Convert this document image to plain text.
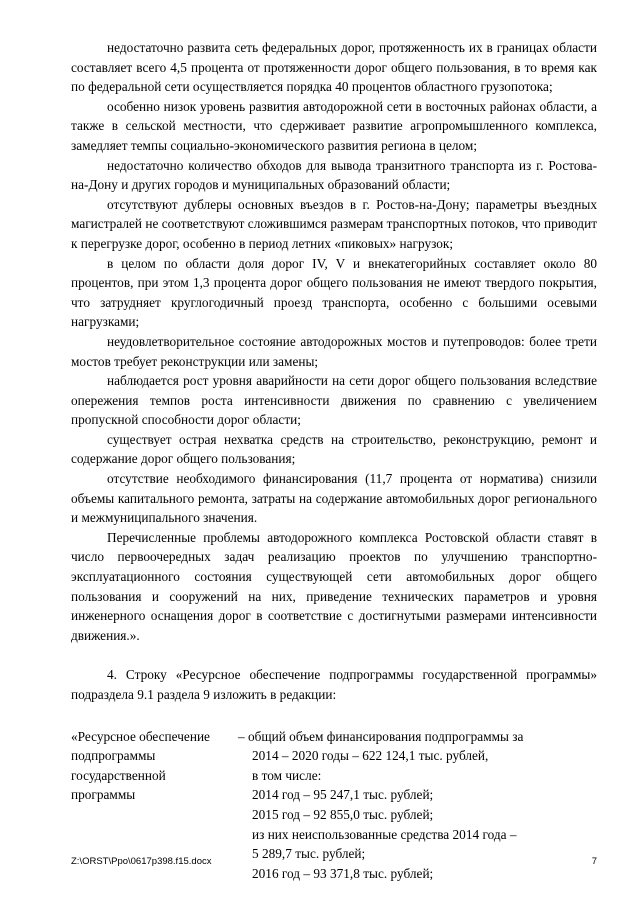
недостаточно развита сеть федеральных дорог, протяженность их в границах области составляет всего 4,5 процента от протяженности дорог общего пользования, в то время как по федеральной сети осуществляется порядка 40 процентов областного грузопотока;

особенно низок уровень развития автодорожной сети в восточных районах области, а также в сельской местности, что сдерживает развитие агропромышленного комплекса, замедляет темпы социально-экономического развития региона в целом;

недостаточно количество обходов для вывода транзитного транспорта из г. Ростова-на-Дону и других городов и муниципальных образований области;

отсутствуют дублеры основных въездов в г. Ростов-на-Дону; параметры въездных магистралей не соответствуют сложившимся размерам транспортных потоков, что приводит к перегрузке дорог, особенно в период летних «пиковых» нагрузок;

в целом по области доля дорог IV, V и внекатегорийных составляет около 80 процентов, при этом 1,3 процента дорог общего пользования не имеют твердого покрытия, что затрудняет круглогодичный проезд транспорта, особенно с большими осевыми нагрузками;

неудовлетворительное состояние автодорожных мостов и путепроводов: более трети мостов требует реконструкции или замены;

наблюдается рост уровня аварийности на сети дорог общего пользования вследствие опережения темпов роста интенсивности движения по сравнению с увеличением пропускной способности дорог области;

существует острая нехватка средств на строительство, реконструкцию, ремонт и содержание дорог общего пользования;

отсутствие необходимого финансирования (11,7 процента от норматива) снизили объемы капитального ремонта, затраты на содержание автомобильных дорог регионального и межмуниципального значения.

Перечисленные проблемы автодорожного комплекса Ростовской области ставят в число первоочередных задач реализацию проектов по улучшению транспортно-эксплуатационного состояния существующей сети автомобильных дорог общего пользования и сооружений на них, приведение технических параметров и уровня инженерного оснащения дорог в соответствие с достигнутыми размерами интенсивности движения.».

4. Строку «Ресурсное обеспечение подпрограммы государственной программы» подраздела 9.1 раздела 9 изложить в редакции:

«Ресурсное обеспечение
подпрограммы
государственной
программы
– общий объем финансирования подпрограммы за
2014 – 2020 годы – 622 124,1 тыс. рублей,
в том числе:
2014 год – 95 247,1 тыс. рублей;
2015 год – 92 855,0 тыс. рублей;
из них неиспользованные средства 2014 года –
5 289,7 тыс. рублей;
2016 год – 93 371,8 тыс. рублей;
Z:\ORST\Ppo\0617p398.f15.docx	7
